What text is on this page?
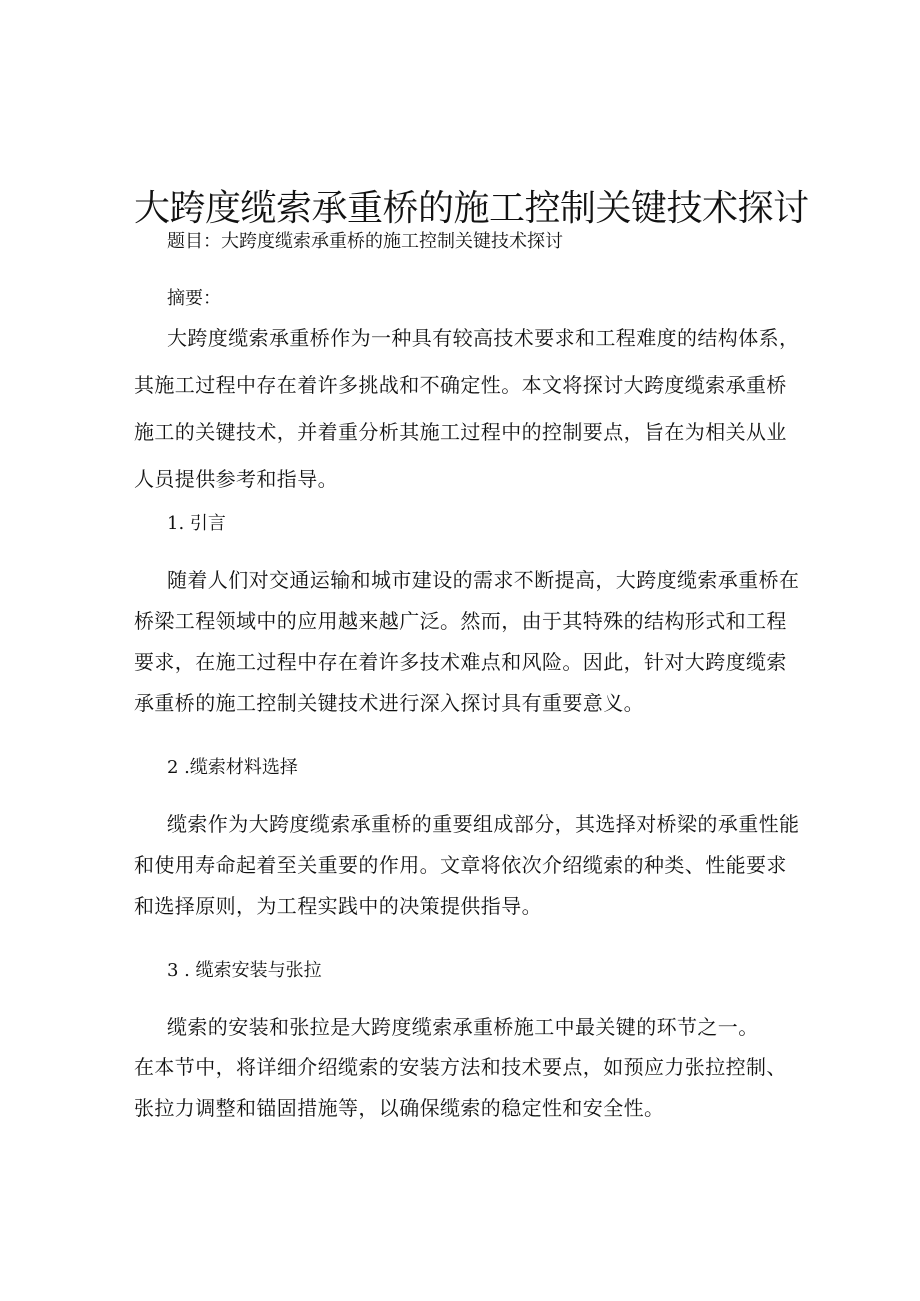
大跨度缆索承重桥的施工控制关键技术探讨
题目：大跨度缆索承重桥的施工控制关键技术探讨
摘要：
大跨度缆索承重桥作为一种具有较高技术要求和工程难度的结构体系，
其施工过程中存在着许多挑战和不确定性。本文将探讨大跨度缆索承重桥
施工的关键技术，并着重分析其施工过程中的控制要点，旨在为相关从业
人员提供参考和指导。
1. 引言
随着人们对交通运输和城市建设的需求不断提高，大跨度缆索承重桥在
桥梁工程领域中的应用越来越广泛。然而，由于其特殊的结构形式和工程
要求，在施工过程中存在着许多技术难点和风险。因此，针对大跨度缆索
承重桥的施工控制关键技术进行深入探讨具有重要意义。
2 .缆索材料选择
缆索作为大跨度缆索承重桥的重要组成部分，其选择对桥梁的承重性能
和使用寿命起着至关重要的作用。文章将依次介绍缆索的种类、性能要求
和选择原则，为工程实践中的决策提供指导。
3 . 缆索安装与张拉
缆索的安装和张拉是大跨度缆索承重桥施工中最关键的环节之一。
在本节中，将详细介绍缆索的安装方法和技术要点，如预应力张拉控制、
张拉力调整和锚固措施等，以确保缆索的稳定性和安全性。
